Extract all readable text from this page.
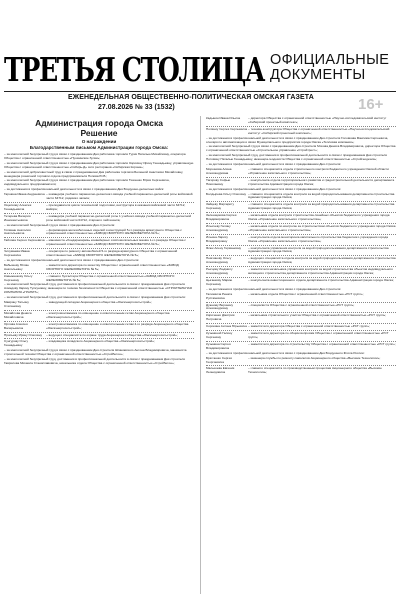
ТРЕТЬЯ СТОЛИЦА ОФИЦИАЛЬНЫЕ
ДОКУМЕНТЫ
ЕЖЕНЕДЕЛЬНАЯ ОБЩЕСТВЕННО-ПОЛИТИЧЕСКАЯ ОМСКАЯ ГАЗЕТА
27.08.2026 № 33 (1532)	16+

Администрация города Омска

Решение

О награждении

Благодарственным письмом Администрации города Омска:

– за многолетний безупречный труд в связи с празднованием Дня работника торговли Турик Наталью Михайловну, оператора Общества с ограниченной ответственностью «Пушкинские булки»;
– за многолетний безупречный труд в связи с празднованием Дня работника торговли Зорихину Ирину Геннадьевну, управляющую Общества с ограниченной ответственностью «Сибирь-Д» сети ресторанов «Сибирская Корона»;
– за многолетний добросовестный труд в связи с празднованием Дня работника торговли Беленкой Анастасии Михайловну, менеджера розничной торговли отдела предпринимателя Попова Ю.В.;
– за многолетний безупречный труд в связи с празднованием Дня работника торговли Ткаченко Юрия Сергеевича, индивидуального предпринимателя;
– за достижения в профессиональной деятельности в связи с празднованием Дня Воздушно-десантных войск:
Гаршина Ивана Андреевича – командира учебного парашютно-десантного взвода учебной парашютно-десантной роты войсковой части 64712, рядового запаса;
Ощепкову Алексея Геннадьевича
– преподавателя цикла технической подготовки, инструктора в оказании войсковой части 64712, майора;
Тетерева Валерия Иннокентьевича
– командира учебной парашютно-десантной роты 1 учебного взвода учебной парашютно-десантной роты войсковой части 64712, старшего лейтенанта;
– за многолетний безупречный труд в связи с празднованием Дня строителя:
Гопманн Анатолия Анатольевича
– формовщика железобетонных изделий и конструкций 5-го разряда арматурного Общества с ограниченной ответственностью «ЗАВОД СБОРНОГО ЖЕЛЕЗОБЕТОНА № 5»;
Гайлова Сергея Сергеевича – машиниста «бондарноарма» конвейерных и вспомогательных машин 1-го разряда Общества с ограниченной ответственностью «ЗАВОД СБОРНОГО ЖЕЛЕЗОБЕТОНА № 5»;
Чичумаева Ивана Сергеевича
– оператора по ремонту автомобилей 5-го разряда арматурного Общества с ограниченной ответственностью «ЗАВОД СБОРНОГО ЖЕЛЕЗОБЕТОНА № 5»;
– за достижения в профессиональной деятельности в связи с празднованием Дня строителя:
Бабышеву Юлию Анатольевну
– заместителя директора по качеству Общества с ограниченной ответственностью «ЗАВОД СБОРНОГО ЖЕЛЕЗОБЕТОНА № 5»;
Ковыженкову Ольгу Сергеевну
– главного бухгалтера Общества с ограниченной ответственностью «ЗАВОД СБОРНОГО ЖЕЛЕЗОБЕТОНА № 5»;
– за многолетний безупречный труд, достижения в профессиональной деятельности в связи с празднованием Дня строителя Ахмедову Зарину Тулкуновну, инженера по технике безопасности Общества с ограниченной ответственностью «СТРОИТЕЛЬНАЯ КОМПАНИЯ «ГРАНИТ»;
– за многолетний безупречный труд, достижения в профессиональной деятельности в связи с празднованием Дня строителя:
Маврину Татьяну Степановну
– заведующей складом Акционерного общества «Омскэнергосетьстрой»;
Михайлова Дениса Михайловича
– электромонтажника по освещению и осветительным сетям Акционерного общества «Омскэнергосетьстрой»;
Орлова Алексея Валерьевича
– электромонтажника по освещению и осветительным сетям 4-го разряда Акционерного общества «Омскэнергосетьстрой»;
Пропьеву Ирину Олеговну	– ведущего специалиста по охране труда Акционерного общества «Омскэнергосетьстрой»;
Сунгурову Ольгу Геннадьевну
– кладовщика складского Акционерного общества «Омскэнергосетьстрой»;
– за многолетний безупречный труд в связи с празднованием Дня строителя Шпаковского Антона Владимировича, машиниста строительной техники Общества с ограниченной ответственностью «Стройбетон»;
– за многолетний безупречный труд, достижения в профессиональной деятельности в связи с празднованием Дня строителя Гаврилова Михаила Станиславовича, начальника отдела Общества с ограниченной ответственностью «Стройбетон»;
Кадынин Ивана Ильича	– директора Общества с ограниченной ответственностью «Научно-исследовательский институт «Сибирский проектный комплекс»;
Поляниу Сергея Сергеевича – техника-конструктора Общества с ограниченной ответственностью «Научно-исследовательский институт «Сибирский проектный комплекс»;
– за достижения в профессиональной деятельности в связи с празднованием Дня строителя Головкова Максима Сергеевича, слесаря по автоматизации и связи Муниципального предприятия города Омска «Тепловая компания»;
– за многолетний безупречный труд в связи с празднованием Дня строителя Мохова Дениса Владимировича, директора Общества с ограниченной ответственностью «Строительное управление «Стройтрест»;
– за многолетний безупречный труд, достижения в профессиональной деятельности в связи с празднованием Дня строителя Потовину Наталью Геннадьевну, инженера-геодезиста Общества с ограниченной ответственностью «Стройгеодезия»;
– за достижения в профессиональной деятельности в связи с празднованием Дня строителя:
Морозкова Алина Александровна
– главного специалиста отдела строительного контроля бюджетного учреждения Омской области «Управление капитального строительства»;
Тагирову Софью Николаевну
– консультанта отдела территориального развития и градостроительной деятельности департамента строительства Администрации города Омска;
– за достижения в профессиональной деятельности в связи с празднованием Дня строителя:
Болдырева Ольгу Олеговну – главного специалиста отдела контроля за водой природопользования департамента строительства Администрации города Омска;
Зайцеву Маргариту Сергеевну
– главного специалиста отдела контроля за водой природопользования департамента строительства Администрации города Омска;
Зеленщикова Сергея Владимировича
– начальника отдела контроля строительства линейных объектов бюджетного учреждения города Омска «Управление капитального строительства»;
Ильичеву Галину Александровну
– начальника отдела по контролю за строительством объектов бюджетного учреждения города Омска «Управление капитального строительства»;
Ильина Ларису Владимировну
– консультанта отдела мониторинга капитального строительства бюджетного учреждения города Омска «Управление капитального строительства»;
Ясюк Алену Германовну	– консультанта управления контроля за водой природопользования департамента строительства Администрации города Омска;
Немчинову Ольгу Александровну
– ведущего специалиста отдела контроля за водой природопользования департамента строительства Администрации города Омска;
Рысцову Людмилу Александровну
– заместителя начальника управления контроля за водой строительства объектов индивидуального жилищного строительства департамента строительства Администрации города Омска;
Цыганкову Марию Сергеевну
– консультанта инвестиционного отдела департамента строительства Администрации города Омска;
– за достижения в профессиональной деятельности в связи с празднованием Дня строителя:
Галиевича Рената Рустамовича
– начальника отдела Общества с ограниченной ответственностью «РСТ групп»;
Дуюнову Веронику Александровну
– специалиста Общества с ограниченной ответственностью «РСТ групп»;
Кириченко Дмитрия Петровича
– начальника строительного участка Общества с ограниченной ответственностью «РСТ групп»;
Сорокина Антона Юрьевича – заместителя директора Общества с ограниченной ответственностью «РСТ групп»;
Кузьминой Галину Сергеевну
– заместителя директора по общим вопросам Общества с ограниченной ответственностью «РСТ групп»;
Кузьмина Сергея Владимировича
– заместителя директора по строительству Общества с ограниченной ответственностью «РСТ групп»;
– за достижения в профессиональной деятельности в связи с празднованием Дня Воздушного Флота России:
Братченко Сергея Георгиевича
– инженера службы по ремонту самолетов Акционерного общества «Высокие Технологии»;
Малышева Евгения Леонидовича
– главного специалиста по производственным процессам Акционерного общества «Высокие Технологии»;
